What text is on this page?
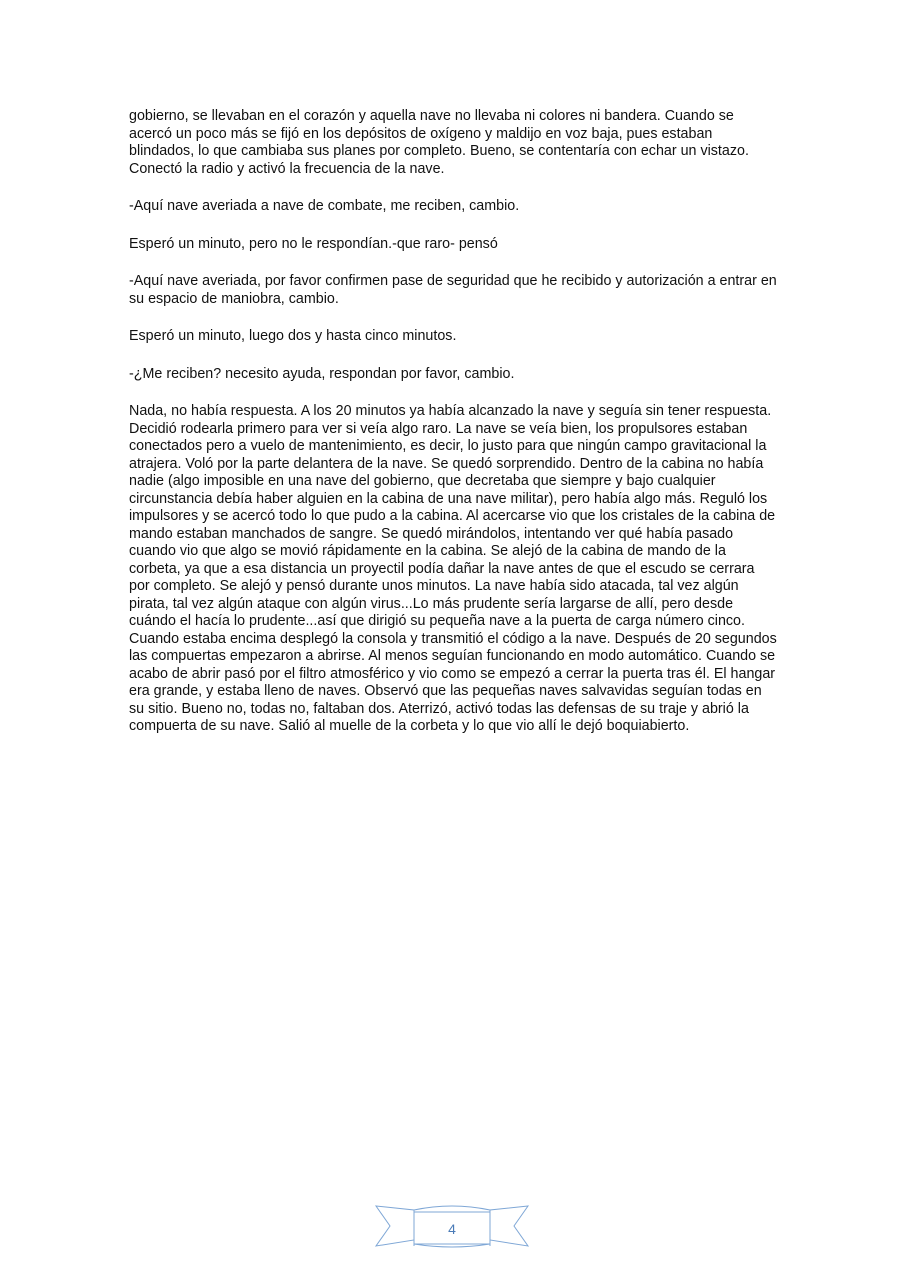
gobierno, se llevaban en el corazón y aquella nave no llevaba ni colores ni bandera. Cuando se acercó un poco más se fijó en los depósitos de oxígeno y maldijo en voz baja, pues estaban blindados, lo que cambiaba sus planes por completo. Bueno, se contentaría con echar un vistazo. Conectó la radio y activó la frecuencia de la nave.

-Aquí nave averiada a nave de combate, me reciben, cambio.

Esperó un minuto, pero no le respondían.-que raro- pensó

-Aquí nave averiada, por favor confirmen pase de seguridad que he recibido y autorización a entrar en su espacio de maniobra, cambio.

Esperó un minuto, luego dos y hasta cinco minutos.

-¿Me reciben? necesito ayuda, respondan por favor, cambio.

Nada, no había respuesta. A los 20 minutos ya había alcanzado la nave y seguía sin tener respuesta. Decidió rodearla primero para ver si veía algo raro. La nave se veía bien, los propulsores estaban conectados pero a vuelo de mantenimiento, es decir, lo justo para que ningún campo gravitacional la atrajera. Voló por la parte delantera de la nave. Se quedó sorprendido. Dentro de la cabina no había nadie (algo imposible en una nave del gobierno, que decretaba que siempre y bajo cualquier circunstancia debía haber alguien en la cabina de una nave militar), pero había algo más. Reguló los impulsores y se acercó todo lo que pudo a la cabina. Al acercarse vio que los cristales de la cabina de mando estaban manchados de sangre. Se quedó mirándolos, intentando ver qué había pasado cuando vio que algo se movió rápidamente en la cabina. Se alejó de la cabina de mando de la corbeta, ya que a esa distancia un proyectil podía dañar la nave antes de que el escudo se cerrara por completo. Se alejó y pensó durante unos minutos. La nave había sido atacada, tal vez algún pirata, tal vez algún ataque con algún virus...Lo más prudente sería largarse de allí, pero desde cuándo el hacía lo prudente...así que dirigió su pequeña nave a la puerta de carga número cinco. Cuando estaba encima desplegó la consola y transmitió el código a la nave. Después de 20 segundos las compuertas empezaron a abrirse. Al menos seguían funcionando en modo automático. Cuando se acabo de abrir pasó por el filtro atmosférico y vio como se empezó a cerrar la puerta tras él. El hangar era grande, y estaba lleno de naves. Observó que las pequeñas naves salvavidas seguían todas en su sitio. Bueno no, todas no, faltaban dos. Aterrizó, activó todas las defensas de su traje y abrió la compuerta de su nave. Salió al muelle de la corbeta y lo que vio allí le dejó boquiabierto.

4
